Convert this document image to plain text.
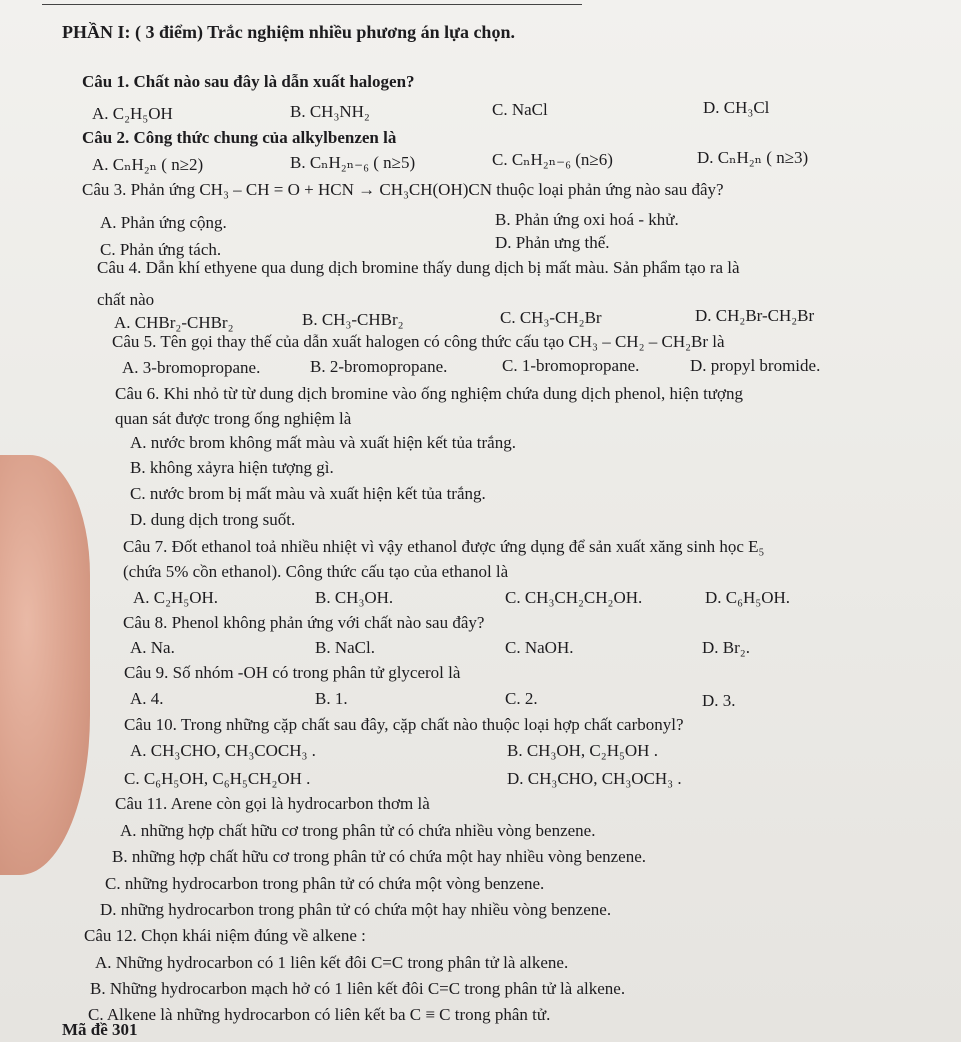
PHẦN I: ( 3 điểm) Trắc nghiệm nhiều phương án lựa chọn.
Câu 1. Chất nào sau đây là dẫn xuất halogen?
A. C₂H₅OH	B. CH₃NH₂	C. NaCl	D. CH₃Cl
Câu 2. Công thức chung của alkylbenzen là
A. CₙH₂ₙ ( n≥2)	B. CₙH₂ₙ₋₆ ( n≥5)	C. CₙH₂ₙ₋₆ (n≥6)	D. CₙH₂ₙ ( n≥3)
Câu 3. Phản ứng CH₃ – CH = O + HCN → CH₃CH(OH)CN thuộc loại phản ứng nào sau đây?
A. Phản ứng cộng.	B. Phản ứng oxi hoá - khử.
C. Phản ứng tách.	D. Phản ưng thế.
Câu 4. Dẫn khí ethyene qua dung dịch bromine thấy dung dịch bị mất màu. Sản phẩm tạo ra là
chất nào
A. CHBr₂-CHBr₂	B. CH₃-CHBr₂	C. CH₃-CH₂Br	D. CH₂Br-CH₂Br
Câu 5. Tên gọi thay thế của dẫn xuất halogen có công thức cấu tạo CH₃ – CH₂ – CH₂Br là
A. 3-bromopropane.	B. 2-bromopropane.	C. 1-bromopropane.	D. propyl bromide.
Câu 6. Khi nhỏ từ từ dung dịch bromine vào ống nghiệm chứa dung dịch phenol, hiện tượng
quan sát được trong ống nghiệm là
A. nước brom không mất màu và xuất hiện kết tủa trắng.
B. không xảyra hiện tượng gì.
C. nước brom bị mất màu và xuất hiện kết tủa trắng.
D. dung dịch trong suốt.
Câu 7. Đốt ethanol toả nhiều nhiệt vì vậy ethanol được ứng dụng để sản xuất xăng sinh học E₅
(chứa 5% cồn ethanol). Công thức cấu tạo của ethanol là
A. C₂H₅OH.	B. CH₃OH.	C. CH₃CH₂CH₂OH.	D. C₆H₅OH.
Câu 8. Phenol không phản ứng với chất nào sau đây?
A. Na.	B. NaCl.	C. NaOH.	D. Br₂.
Câu 9. Số nhóm -OH có trong phân tử glycerol là
A. 4.	B. 1.	C. 2.	D. 3.
Câu 10. Trong những cặp chất sau đây, cặp chất nào thuộc loại hợp chất carbonyl?
A. CH₃CHO, CH₃COCH₃ .	B. CH₃OH, C₂H₅OH .
C. C₆H₅OH, C₆H₅CH₂OH .	D. CH₃CHO, CH₃OCH₃ .
Câu 11. Arene còn gọi là hydrocarbon thơm là
A. những hợp chất hữu cơ trong phân tử có chứa nhiều vòng benzene.
B. những hợp chất hữu cơ trong phân tử có chứa một hay nhiều vòng benzene.
C. những hydrocarbon trong phân tử có chứa một vòng benzene.
D. những hydrocarbon trong phân tử có chứa một hay nhiều vòng benzene.
Câu 12. Chọn khái niệm đúng về alkene :
A. Những hydrocarbon có 1 liên kết đôi C=C trong phân tử là alkene.
B. Những hydrocarbon mạch hở có 1 liên kết đôi C=C trong phân tử là alkene.
C. Alkene là những hydrocarbon có liên kết ba C ≡ C trong phân tử.
Mã đề 301
